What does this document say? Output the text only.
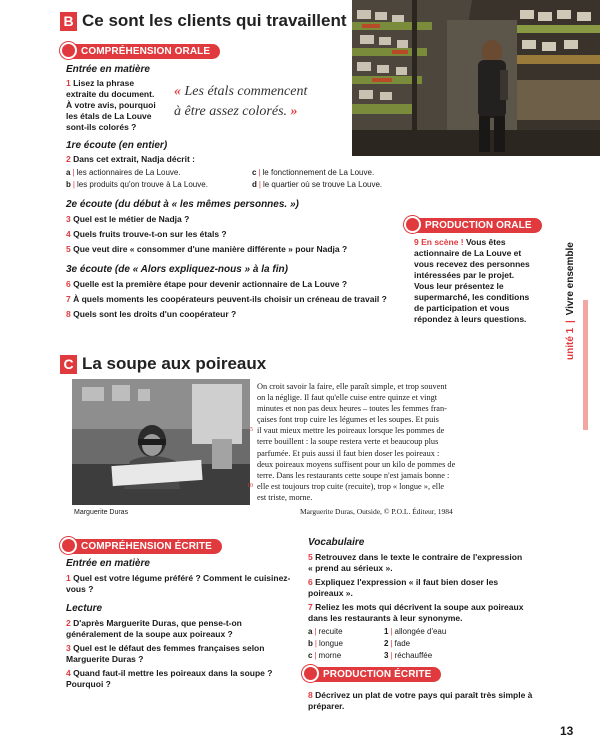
B Ce sont les clients qui travaillent
COMPRÉHENSION ORALE
Entrée en matière
1 Lisez la phrase
extraite du document.
À votre avis, pourquoi
les étals de La Louve
sont-ils colorés ?
« Les étals commencent
à être assez colorés. »
1re écoute (en entier)
2 Dans cet extrait, Nadja décrit :
a | les actionnaires de La Louve.
b | les produits qu'on trouve à La Louve.
c | le fonctionnement de La Louve.
d | le quartier où se trouve La Louve.
2e écoute (du début à « les mêmes personnes. »)
3 Quel est le métier de Nadja ?
4 Quels fruits trouve-t-on sur les étals ?
5 Que veut dire « consommer d'une manière différente » pour Nadja ?
3e écoute (de « Alors expliquez-nous » à la fin)
6 Quelle est la première étape pour devenir actionnaire de La Louve ?
7 À quels moments les coopérateurs peuvent-ils choisir un créneau de travail ?
8 Quels sont les droits d'un coopérateur ?
PRODUCTION ORALE
9 En scène ! Vous êtes
actionnaire de La Louve et
vous recevez des personnes
intéressées par le projet.
Vous leur présentez le
supermarché, les conditions
de participation et vous
répondez à leurs questions.
unité 1 | Vivre ensemble
C La soupe aux poireaux
Marguerite Duras
On croit savoir la faire, elle paraît simple, et trop souvent
on la néglige. Il faut qu'elle cuise entre quinze et vingt
minutes et non pas deux heures – toutes les femmes fran-
çaises font trop cuire les légumes et les soupes. Et puis
5 il vaut mieux mettre les poireaux lorsque les pommes de
terre bouillent : la soupe restera verte et beaucoup plus
parfumée. Et puis aussi il faut bien doser les poireaux :
deux poireaux moyens suffisent pour un kilo de pommes de
terre. Dans les restaurants cette soupe n'est jamais bonne :
10 elle est toujours trop cuite (recuite), trop « longue », elle
est triste, morne.
Marguerite Duras, Outside, © P.O.L. Éditeur, 1984
COMPRÉHENSION ÉCRITE
Entrée en matière
1 Quel est votre légume préféré ? Comment le cuisinez-
vous ?
Lecture
2 D'après Marguerite Duras, que pense-t-on
généralement de la soupe aux poireaux ?
3 Quel est le défaut des femmes françaises selon
Marguerite Duras ?
4 Quand faut-il mettre les poireaux dans la soupe ?
Pourquoi ?
Vocabulaire
5 Retrouvez dans le texte le contraire de l'expression
« prend au sérieux ».
6 Expliquez l'expression « il faut bien doser les
poireaux ».
7 Reliez les mots qui décrivent la soupe aux poireaux
dans les restaurants à leur synonyme.
a | recuite
b | longue
c | morne
1 | allongée d'eau
2 | fade
3 | réchauffée
PRODUCTION ÉCRITE
8 Décrivez un plat de votre pays qui paraît très simple à
préparer.
13
